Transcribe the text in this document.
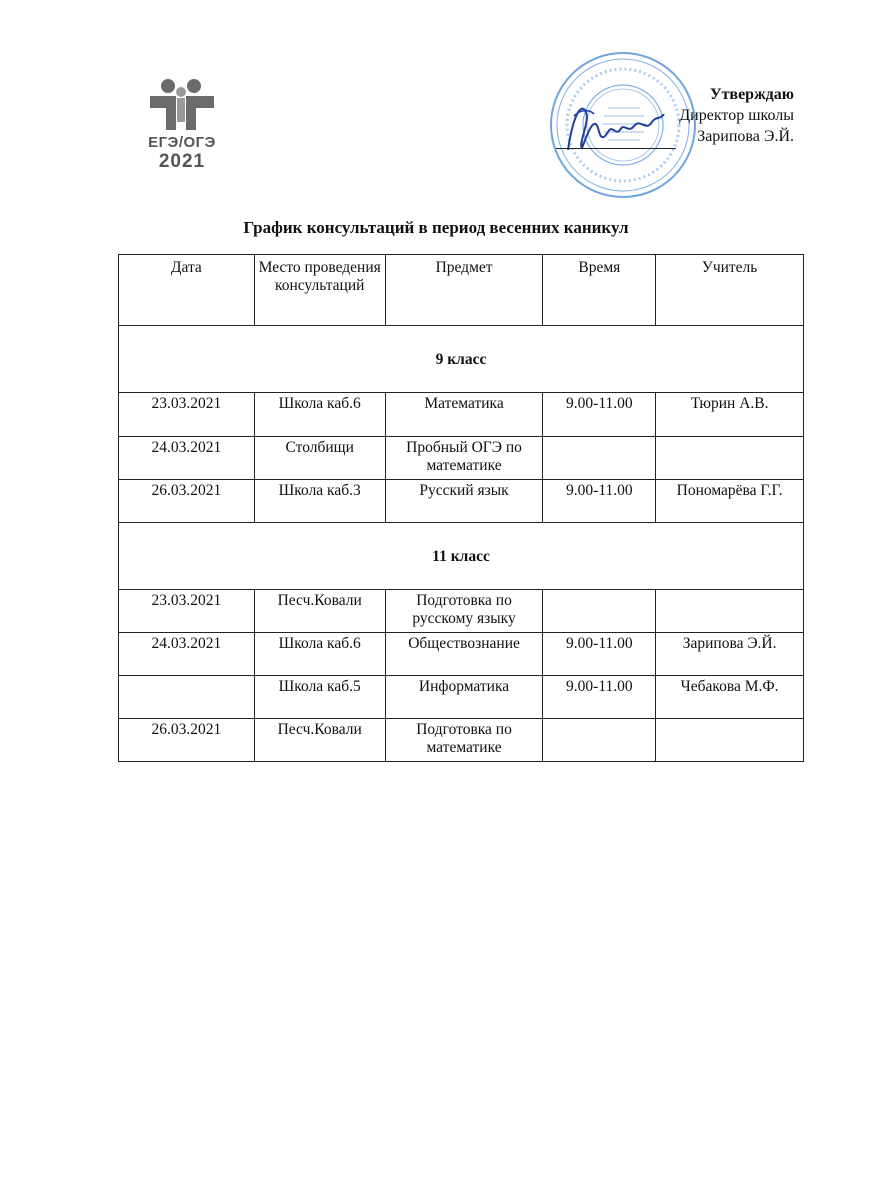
ЕГЭ/ОГЭ
2021
Утверждаю
Директор школы
Зарипова Э.Й.
График консультаций в период весенних каникул
Дата	Место проведения консультаций	Предмет	Время	Учитель
9 класс				
23.03.2021	Школа каб.6	Математика	9.00-11.00	Тюрин А.В.
24.03.2021	Столбищи	Пробный ОГЭ по математике		
26.03.2021	Школа каб.3	Русский язык	9.00-11.00	Пономарёва Г.Г.
11 класс				
23.03.2021	Песч.Ковали	Подготовка по русскому языку		
24.03.2021	Школа каб.6	Обществознание	9.00-11.00	Зарипова Э.Й.
	Школа каб.5	Информатика	9.00-11.00	Чебакова М.Ф.
26.03.2021	Песч.Ковали	Подготовка по математике		
